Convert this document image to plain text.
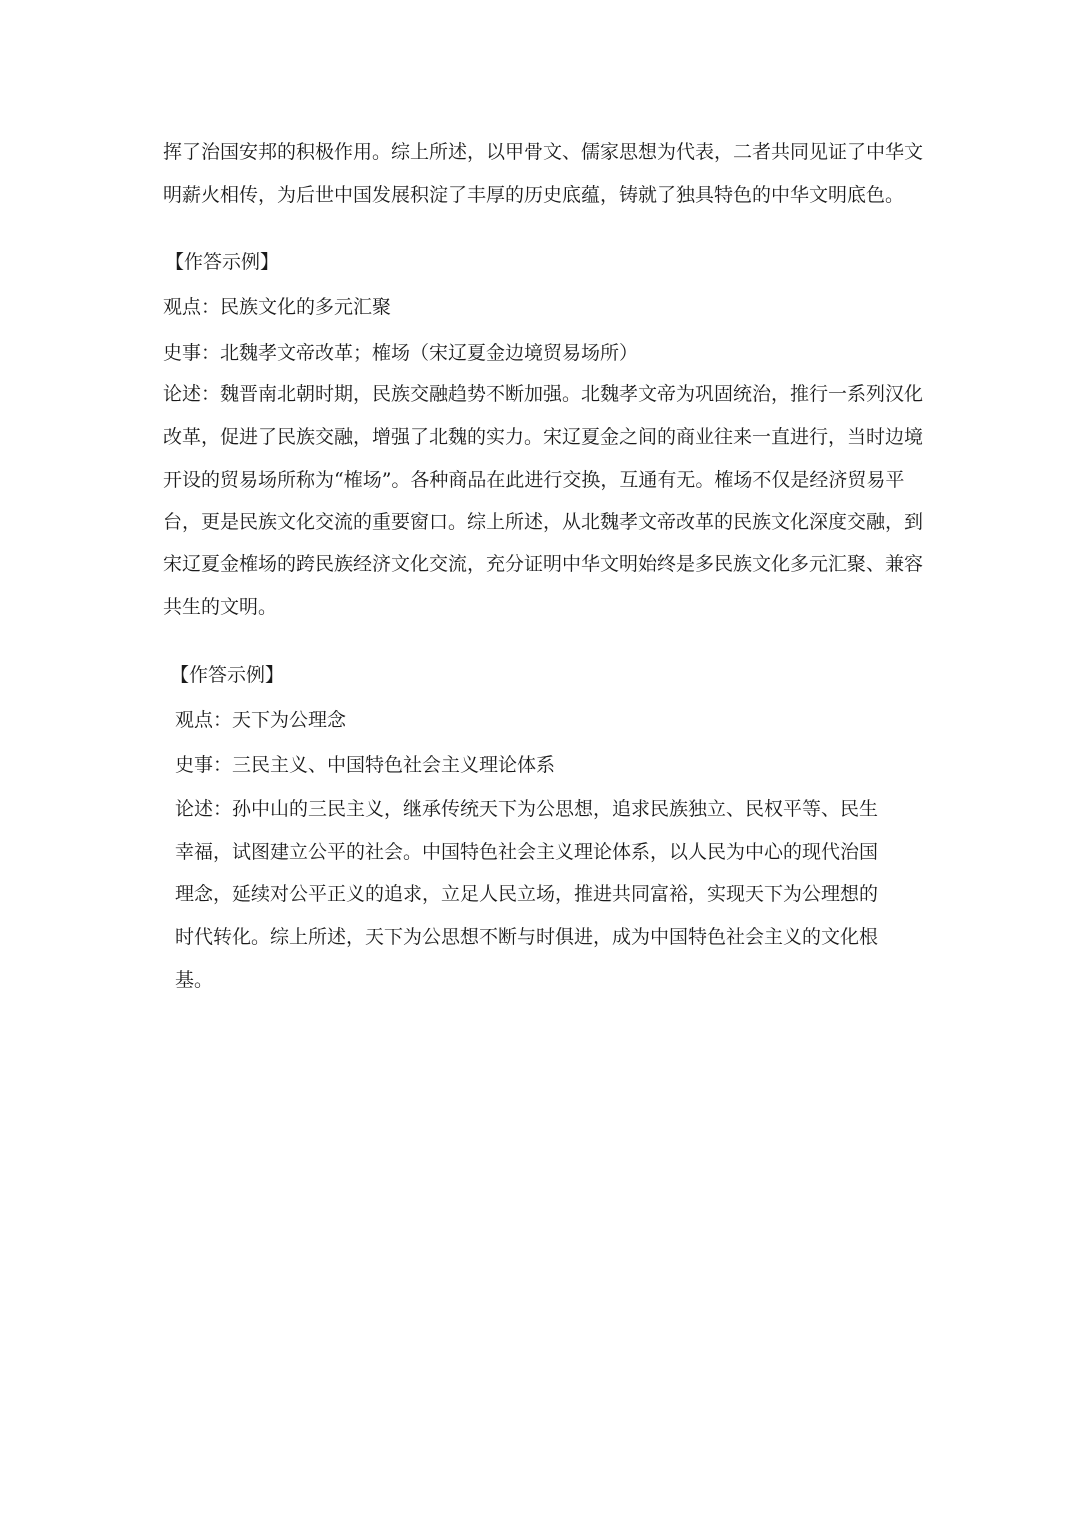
挥了治国安邦的积极作用。综上所述，以甲骨文、儒家思想为代表，二者共同见证了中华文
明薪火相传，为后世中国发展积淀了丰厚的历史底蕴，铸就了独具特色的中华文明底色。
【作答示例】
观点：民族文化的多元汇聚
史事：北魏孝文帝改革；榷场（宋辽夏金边境贸易场所）
论述：魏晋南北朝时期，民族交融趋势不断加强。北魏孝文帝为巩固统治，推行一系列汉化
改革，促进了民族交融，增强了北魏的实力。宋辽夏金之间的商业往来一直进行，当时边境
开设的贸易场所称为“榷场”。各种商品在此进行交换，互通有无。榷场不仅是经济贸易平
台，更是民族文化交流的重要窗口。综上所述，从北魏孝文帝改革的民族文化深度交融，到
宋辽夏金榷场的跨民族经济文化交流，充分证明中华文明始终是多民族文化多元汇聚、兼容
共生的文明。
【作答示例】
观点：天下为公理念
史事：三民主义、中国特色社会主义理论体系
论述：孙中山的三民主义，继承传统天下为公思想，追求民族独立、民权平等、民生
幸福，试图建立公平的社会。中国特色社会主义理论体系，以人民为中心的现代治国
理念，延续对公平正义的追求，立足人民立场，推进共同富裕，实现天下为公理想的
时代转化。综上所述，天下为公思想不断与时俱进，成为中国特色社会主义的文化根
基。
